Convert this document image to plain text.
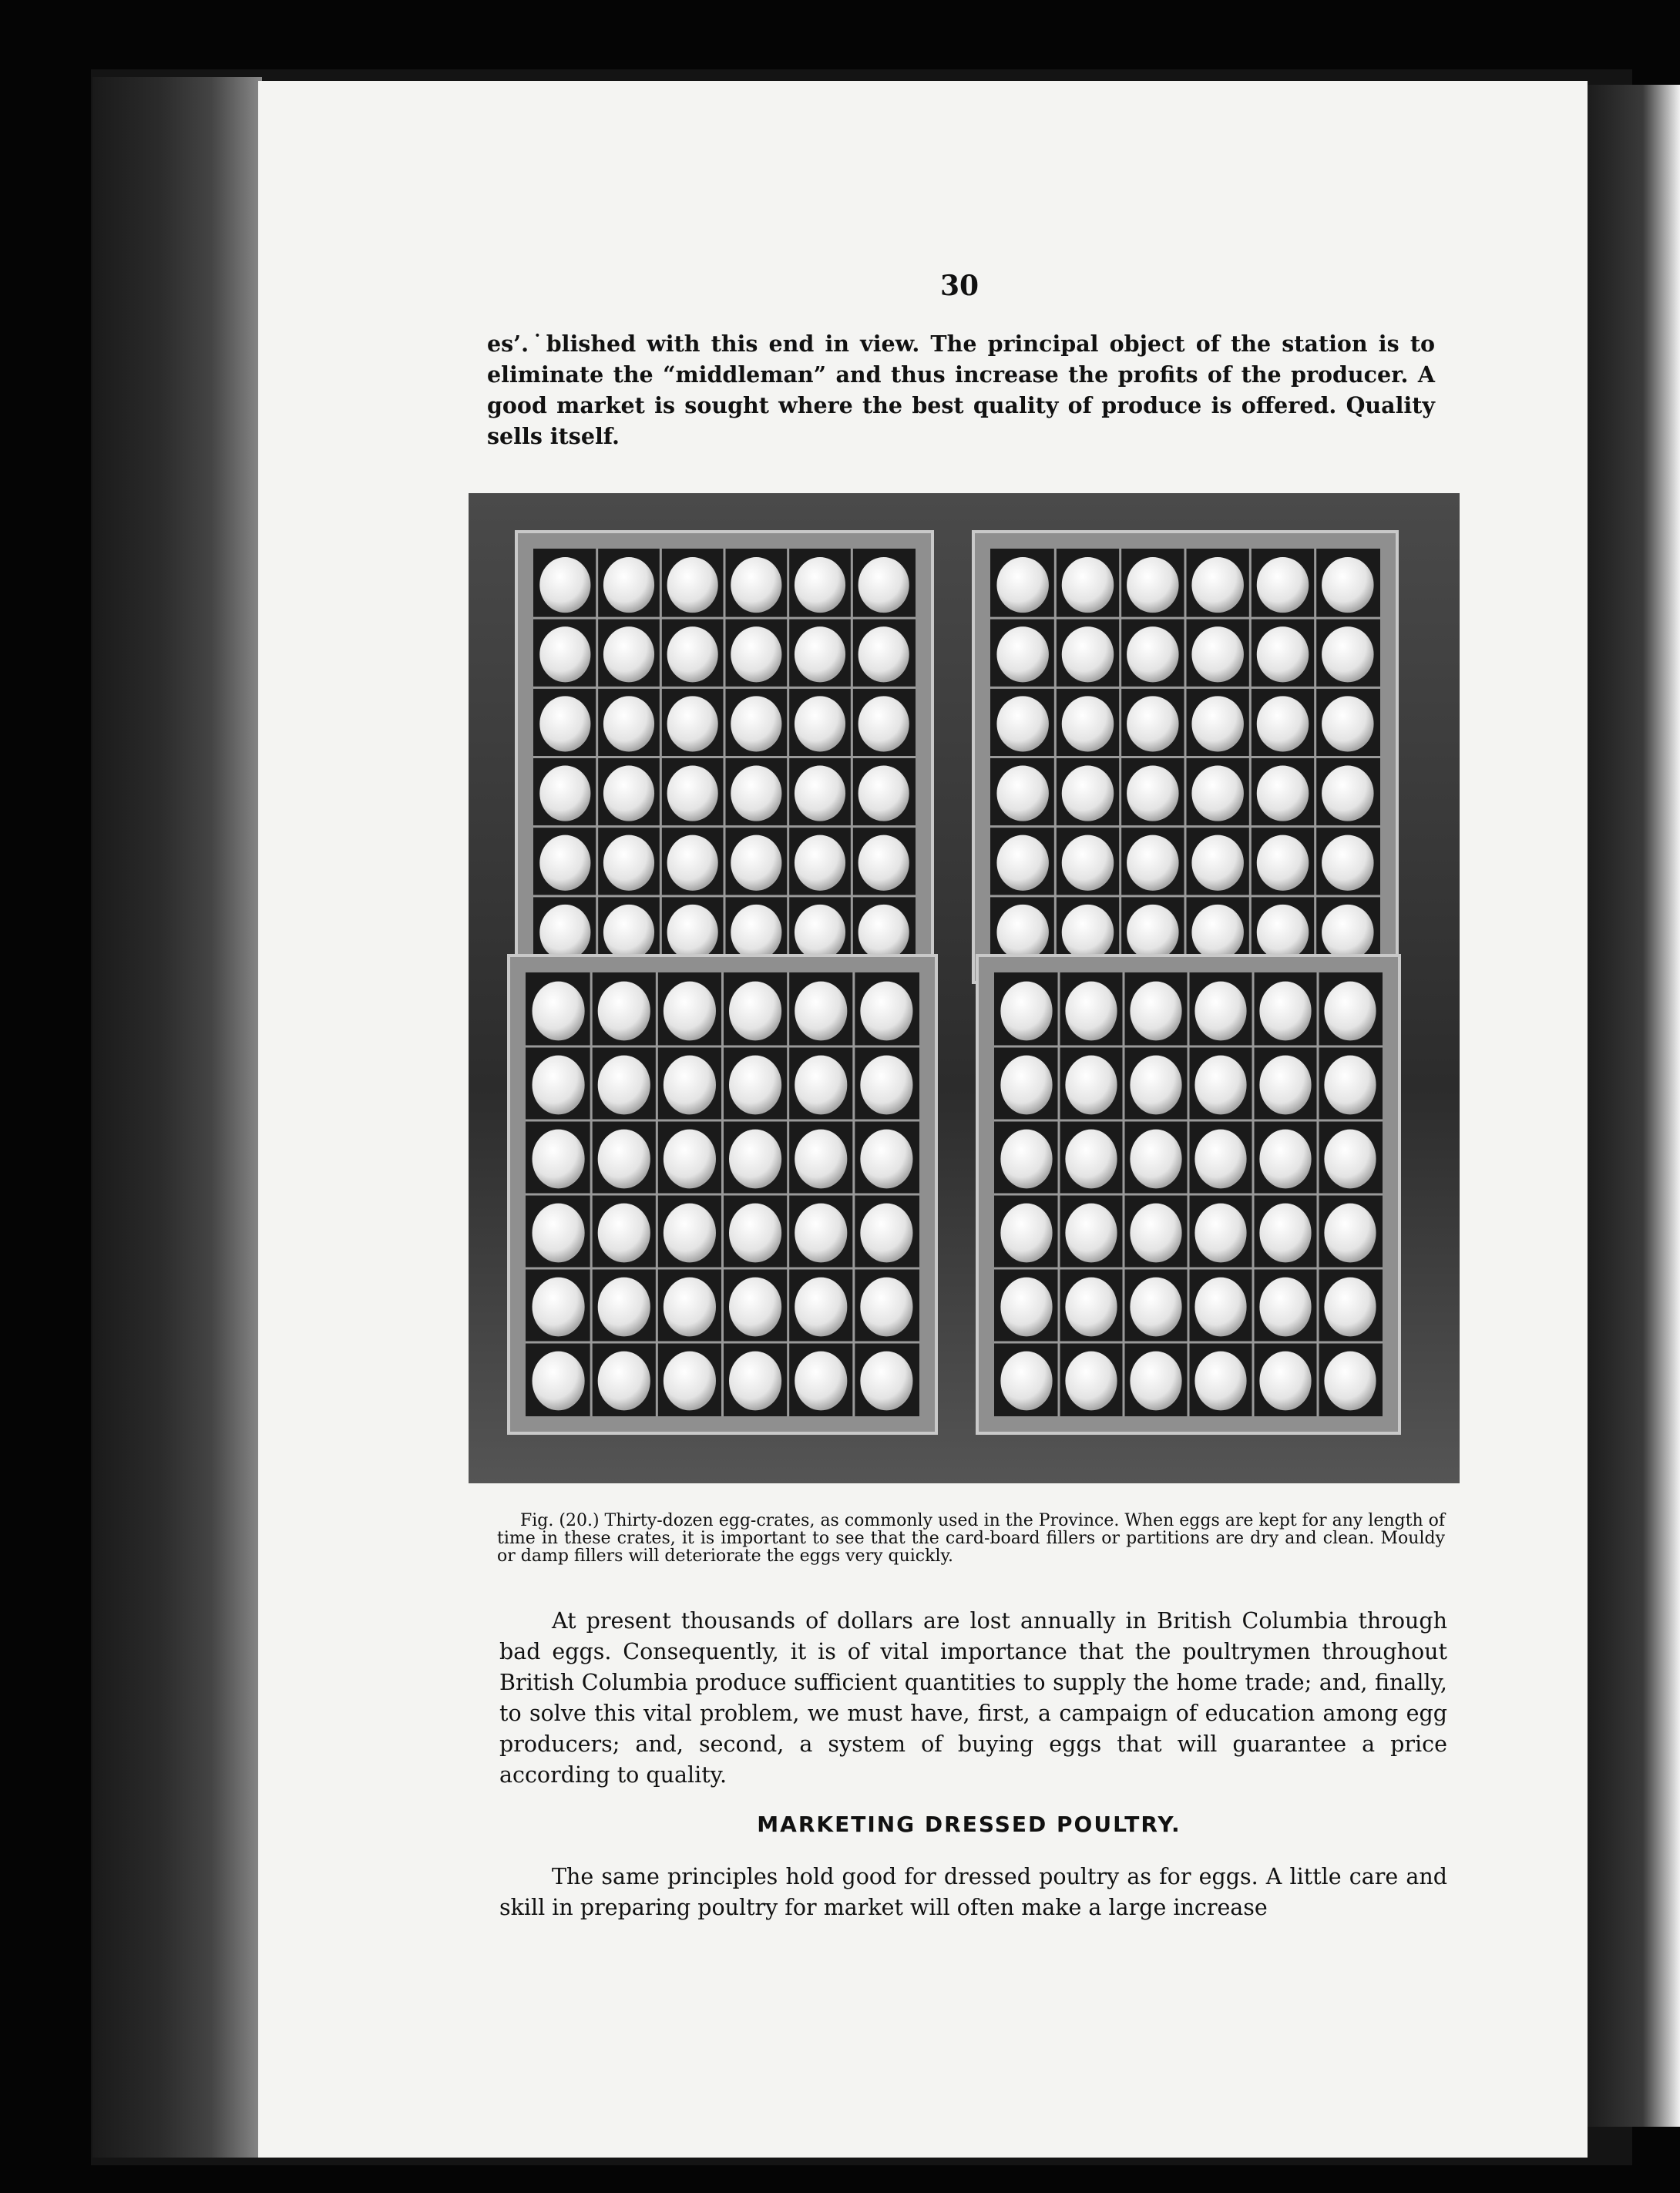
30
es’.˙blished with this end in view. The principal object of the station is to eliminate the “middleman” and thus increase the profits of the producer. A good market is sought where the best quality of produce is offered. Quality
sells itself.
Fig. (20.) Thirty-dozen egg-crates, as commonly used in the Province. When eggs are kept for any length of time in these crates, it is important to see that the card-board fillers or partitions are dry and clean. Mouldy or damp fillers will deteriorate the eggs very quickly.
At present thousands of dollars are lost annually in British Columbia through bad eggs. Consequently, it is of vital importance that the poultrymen throughout British Columbia produce sufficient quantities to supply the home trade; and, finally, to solve this vital problem, we must have, first, a campaign of education among egg producers; and, second, a system of buying eggs that will guarantee a price according to quality.
MARKETING DRESSED POULTRY.
The same principles hold good for dressed poultry as for eggs. A little care and skill in preparing poultry for market will often make a large increase
